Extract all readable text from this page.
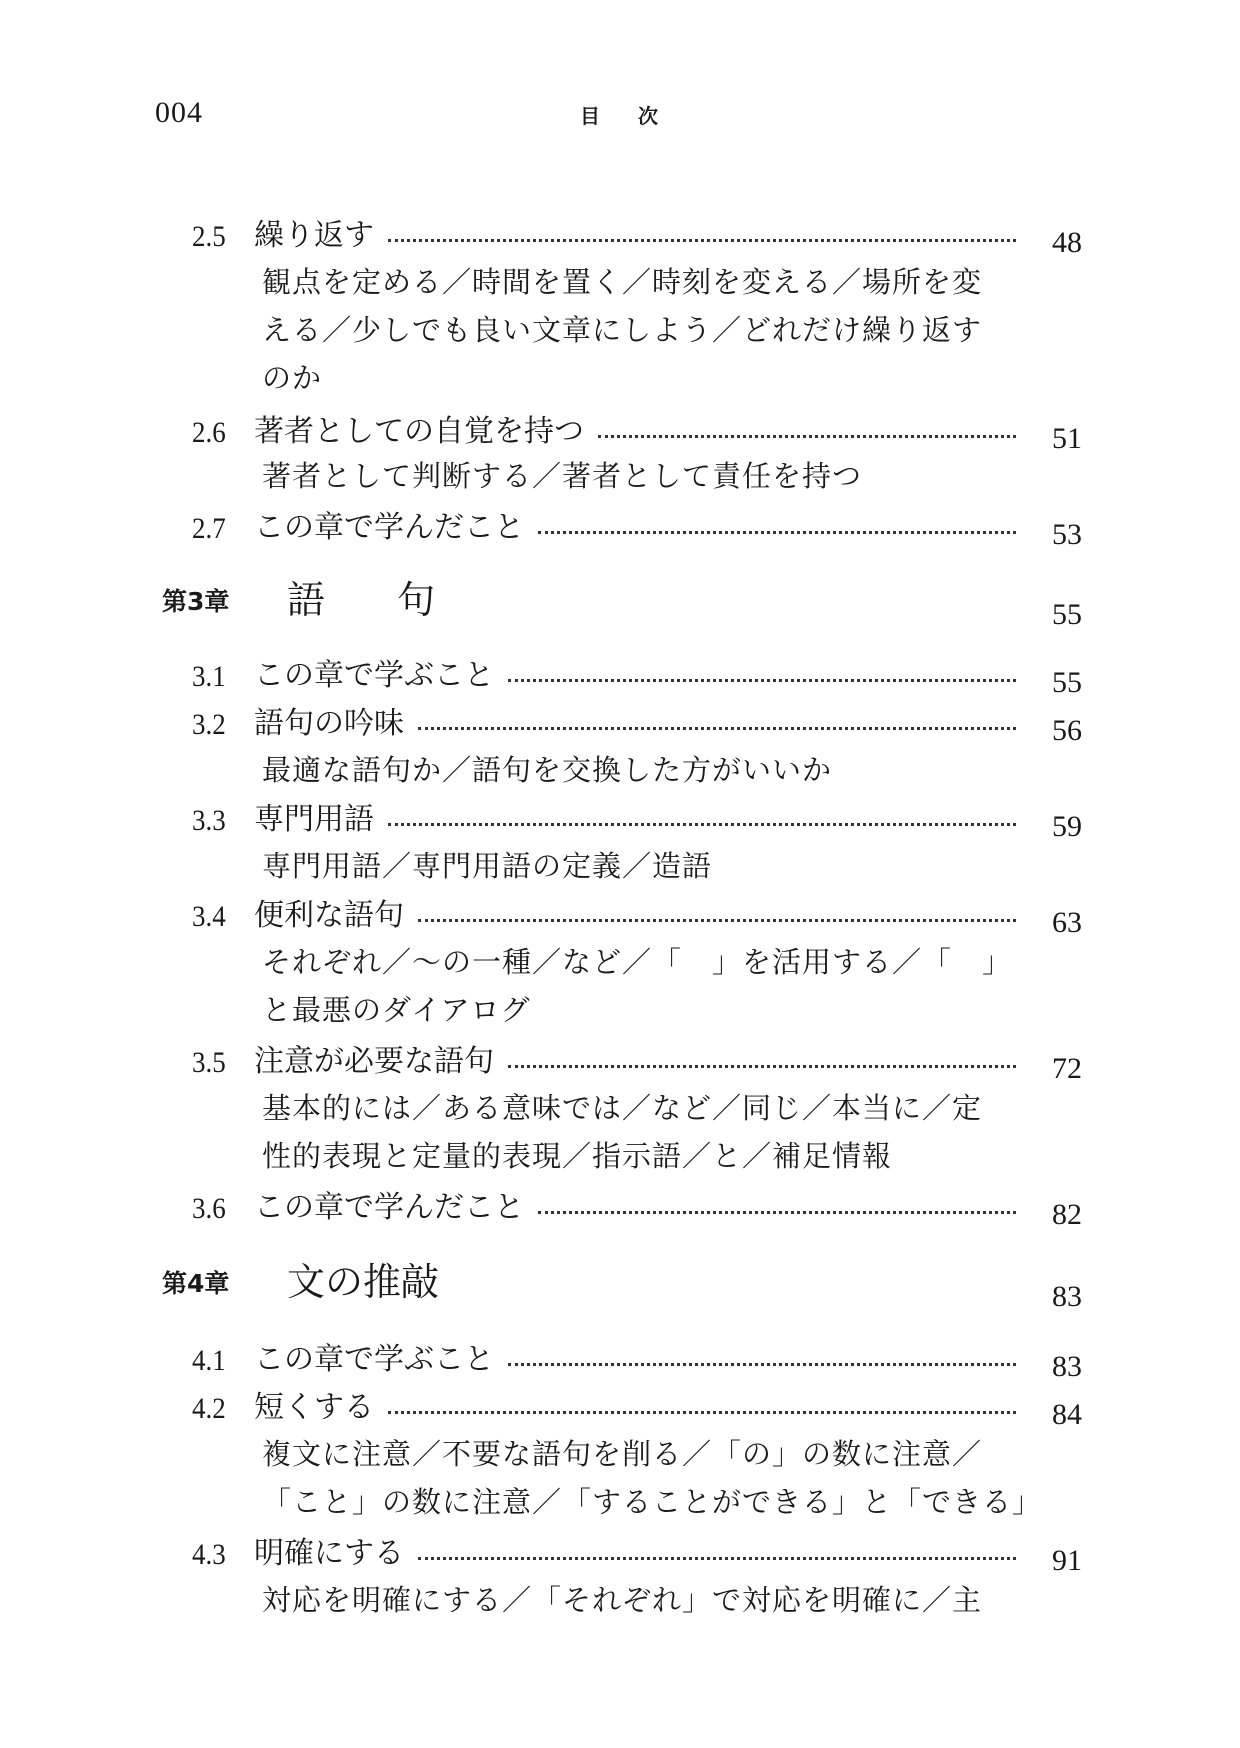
004	目次
2.5 繰り返す	48
観点を定める／時間を置く／時刻を変える／場所を変
える／少しでも良い文章にしよう／どれだけ繰り返す
のか
2.6 著者としての自覚を持つ	51
著者として判断する／著者として責任を持つ
2.7 この章で学んだこと	53
第3章	語句	55
3.1 この章で学ぶこと	55
3.2 語句の吟味	56
最適な語句か／語句を交換した方がいいか
3.3 専門用語	59
専門用語／専門用語の定義／造語
3.4 便利な語句	63
それぞれ／〜の一種／など／「　」を活用する／「　」
と最悪のダイアログ
3.5 注意が必要な語句	72
基本的には／ある意味では／など／同じ／本当に／定
性的表現と定量的表現／指示語／と／補足情報
3.6 この章で学んだこと	82
第4章	文の推敲	83
4.1 この章で学ぶこと	83
4.2 短くする	84
複文に注意／不要な語句を削る／「の」の数に注意／
「こと」の数に注意／「することができる」と「できる」
4.3 明確にする	91
対応を明確にする／「それぞれ」で対応を明確に／主
